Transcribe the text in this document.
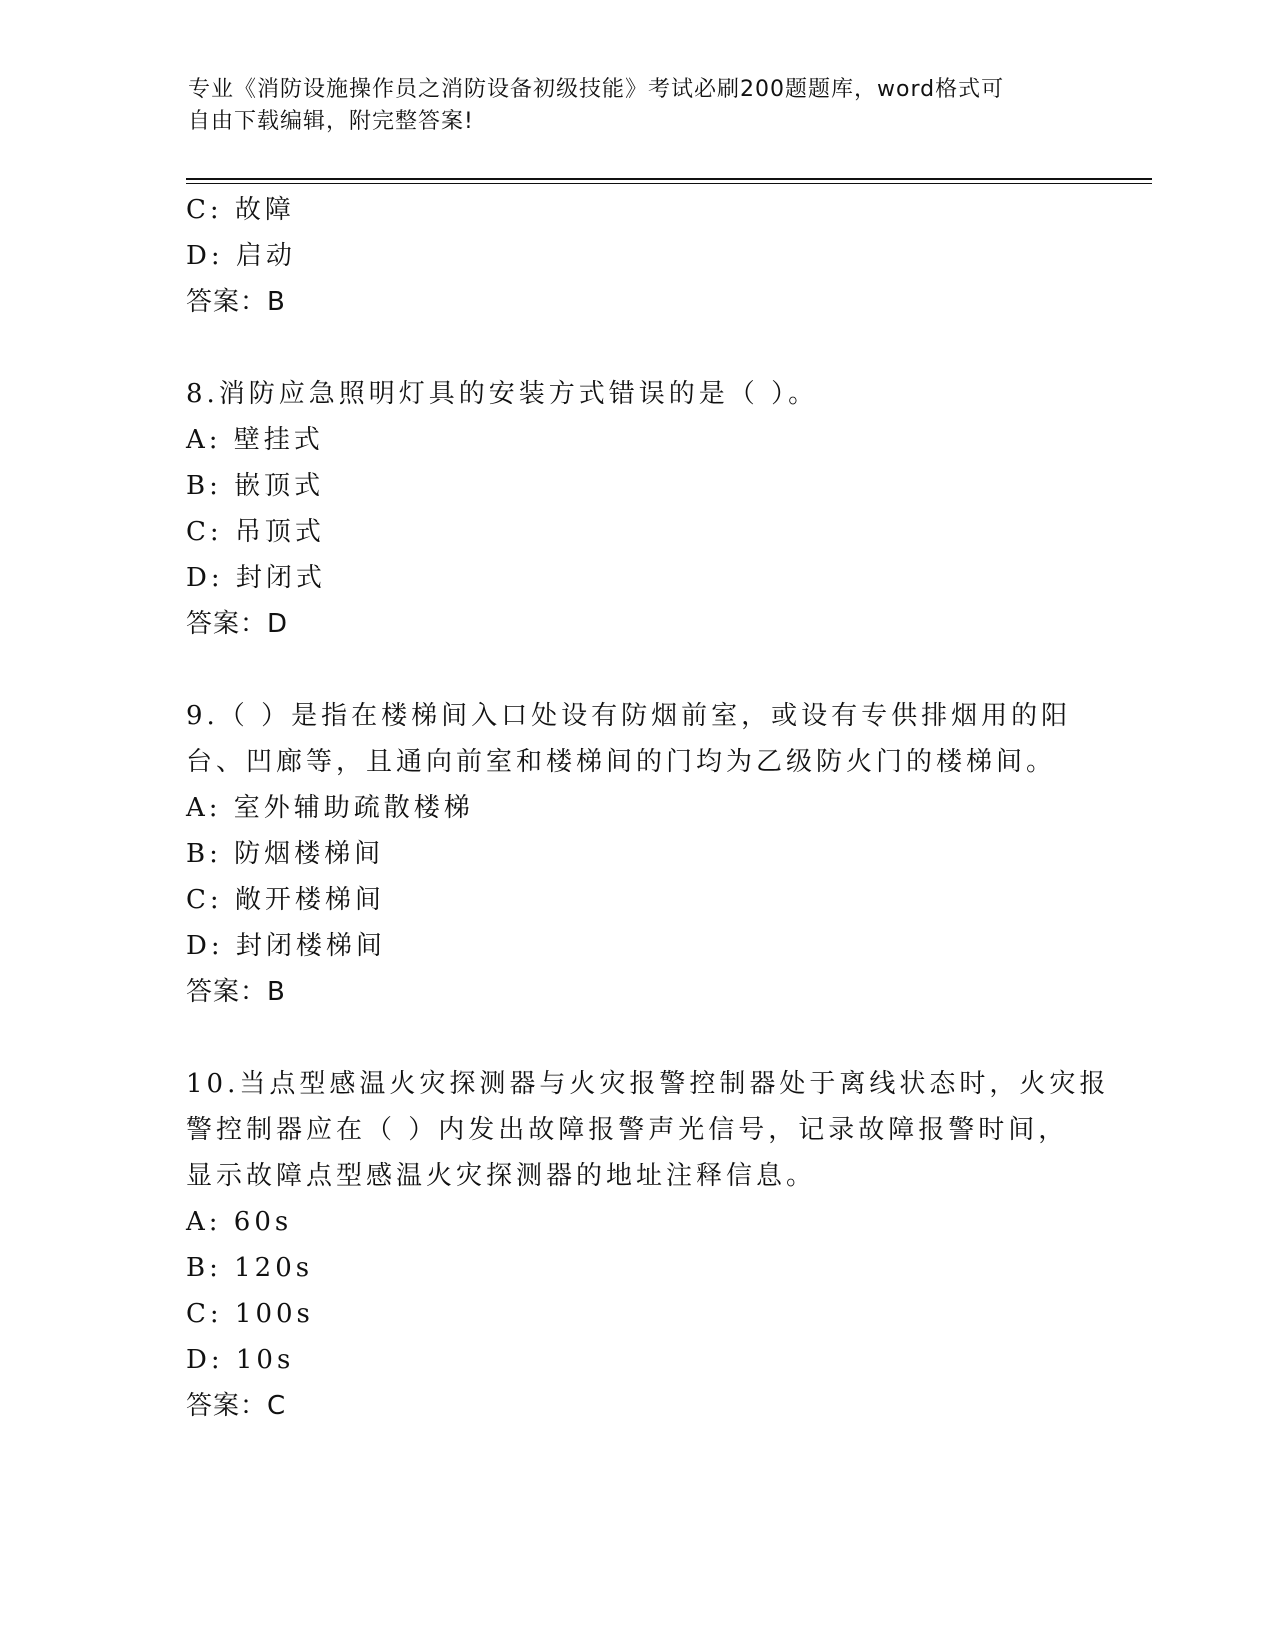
专业《消防设施操作员之消防设备初级技能》考试必刷200题题库，word格式可
自由下载编辑，附完整答案!
C: 故障
D: 启动
答案：B
8.消防应急照明灯具的安装方式错误的是（ ）。
A: 壁挂式
B: 嵌顶式
C: 吊顶式
D: 封闭式
答案：D
9.（ ）是指在楼梯间入口处设有防烟前室，或设有专供排烟用的阳
台、凹廊等，且通向前室和楼梯间的门均为乙级防火门的楼梯间。
A: 室外辅助疏散楼梯
B: 防烟楼梯间
C: 敞开楼梯间
D: 封闭楼梯间
答案：B
10.当点型感温火灾探测器与火灾报警控制器处于离线状态时，火灾报
警控制器应在（ ）内发出故障报警声光信号，记录故障报警时间，
显示故障点型感温火灾探测器的地址注释信息。
A: 60s
B: 120s
C: 100s
D: 10s
答案：C
